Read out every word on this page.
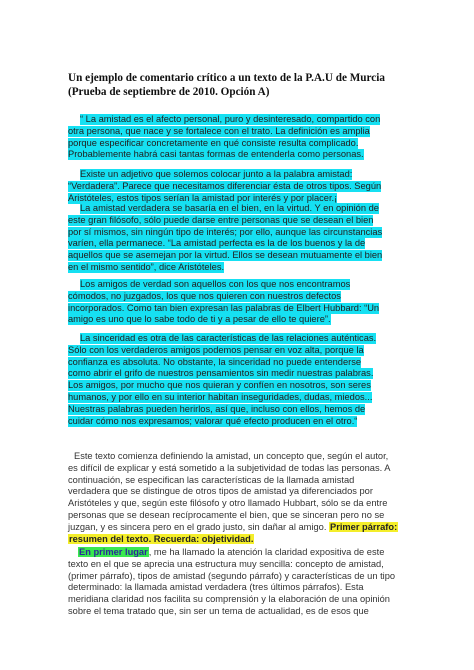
Un ejemplo de comentario crítico a un texto de la P.A.U de Murcia (Prueba de septiembre de 2010. Opción A)
“ La amistad es el afecto personal, puro y desinteresado, compartido con otra persona, que nace y se fortalece con el trato. La definición es amplia porque especificar concretamente en qué consiste resulta complicado. Probablemente habrá casi tantas formas de entenderla como personas.
Existe un adjetivo que solemos colocar junto a la palabra amistad: “Verdadera”. Parece que necesitamos diferenciar ésta de otros tipos. Según Aristóteles, estos tipos serían la amistad por interés y por placer.¡
La amistad verdadera se basaría en el bien, en la virtud. Y en opinión de este gran filósofo, sólo puede darse entre personas que se desean el bien por sí mismos, sin ningún tipo de interés; por ello, aunque las circunstancias varíen, ella permanece. “La amistad perfecta es la de los buenos y la de aquellos que se asemejan por la virtud. Ellos se desean mutuamente el bien en el mismo sentido”, dice Aristóteles.
Los amigos de verdad son aquellos con los que nos encontramos cómodos, no juzgados, los que nos quieren con nuestros defectos incorporados. Como tan bien expresan las palabras de Elbert Hubbard: “Un amigo es uno que lo sabe todo de ti y a pesar de ello te quiere”.
La sinceridad es otra de las características de las relaciones auténticas. Sólo con los verdaderos amigos podemos pensar en voz alta, porque la confianza es absoluta. No obstante, la sinceridad no puede entenderse como abrir el grifo de nuestros pensamientos sin medir nuestras palabras. Los amigos, por mucho que nos quieran y confíen en nosotros, son seres humanos, y por ello en su interior habitan inseguridades, dudas, miedos... Nuestras palabras pueden herirlos, así que, incluso con ellos, hemos de cuidar cómo nos expresamos; valorar qué efecto producen en el otro.“
Este texto comienza definiendo la amistad, un concepto que, según el autor, es difícil de explicar y está sometido a la subjetividad de todas las personas. A continuación, se especifican las características de la llamada amistad verdadera que se distingue de otros tipos de amistad ya diferenciados por Aristóteles y que, según este filósofo y otro llamado Hubbart, sólo se da entre personas que se desean recíprocamente el bien, que se sinceran pero no se juzgan, y es sincera pero en el grado justo, sin dañar al amigo. Primer párrafo: resumen del texto. Recuerda: objetividad.
En primer lugar, me ha llamado la atención la claridad expositiva de este texto en el que se aprecia una estructura muy sencilla: concepto de amistad, (primer párrafo), tipos de amistad (segundo párrafo) y características de un tipo determinado: la llamada amistad verdadera (tres últimos párrafos). Esta meridiana claridad nos facilita su comprensión y la elaboración de una opinión sobre el tema tratado que, sin ser un tema de actualidad, es de esos que
